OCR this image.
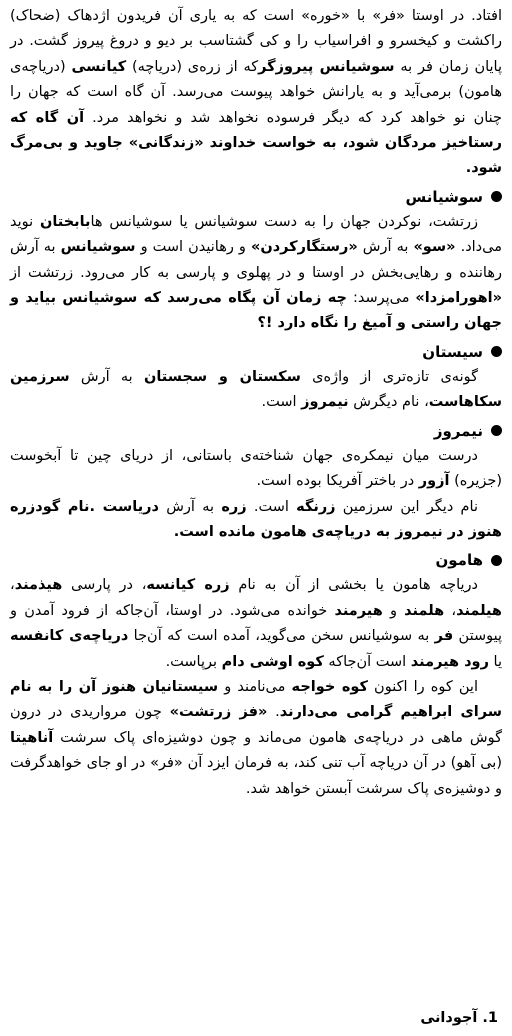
افتاد. در اوستا «فر» با «خوره» است که به یاری آن فریدون اژدهاک (ضحاک) راکشت و کیخسرو و افراسیاب را و کی گشتاسب بر دیو و دروغ پیروز گشت. در پایان زمان فر به سوشیانس پیروزگرکه از زره‌ی (دریاچه) کیانسی (دریاچه‌ی هامون) برمی‌آید و به یارانش خواهد پیوست می‌رسد. آن گاه است که جهان را چنان نو خواهد کرد که دیگر فرسوده نخواهد شد و نخواهد مرد. آن گاه که رستاخیز مردگان شود، به خواست خداوند «زندگانی» جاوید و بی‌مرگ شود.

سوشیانس

زرتشت، نوکردن جهان را به دست سوشیانس یا سوشیانس هابابختان نوید می‌داد. «سو» به آرش «رستگارکردن» و رهانیدن است و سوشیانس به آرش رهاننده و رهایی‌بخش در اوستا و در پهلوی و پارسی به کار می‌رود. زرتشت از «اهورامزدا» می‌پرسد: چه زمان آن پگاه می‌رسد که سوشیانس بیاید و جهان راستی و آمیغ را نگاه دارد !؟

سیستان

گونه‌ی تازه‌تری از واژه‌ی سکستان و سجستان به آرش سرزمین سکاهاست، نام دیگرش نیمروز است.

نیمروز

درست میان نیمکره‌ی جهان شناخته‌ی باستانی، از دریای چین تا آبخوست (جزیره) آزور در باختر آفریکا بوده است.

نام دیگر این سرزمین زرنگه است. زره به آرش دریاست .نام گودزره هنوز در نیمروز به دریاچه‌ی هامون مانده است.

هامون

دریاچه هامون یا بخشی از آن به نام زره کیانسه، در پارسی هیذمند، هیلمند، هلمند و هیرمند خوانده می‌شود. در اوستا، آن‌جاکه از فرود آمدن و پیوستن فر به سوشیانس سخن می‌گوید، آمده است که آن‌جا دریاچه‌ی کانفسه یا رود هیرمند است آن‌جاکه کوه اوشی دام برپاست.

این کوه را اکنون کوه خواجه می‌نامند و سیستانیان هنوز آن را به نام سرای ابراهیم گرامی می‌دارند. «فز زرتشت» چون مرواریدی در درون گوش ماهی در دریاچه‌ی هامون می‌ماند و چون دوشیزه‌ای پاک سرشت آناهیتا (بی آهو) در آن دریاچه آب تنی کند، به فرمان ایزد آن «فر» در او جای خواهدگرفت و دوشیزه‌ی پاک سرشت آبستن خواهد شد.

1. آجودانی
